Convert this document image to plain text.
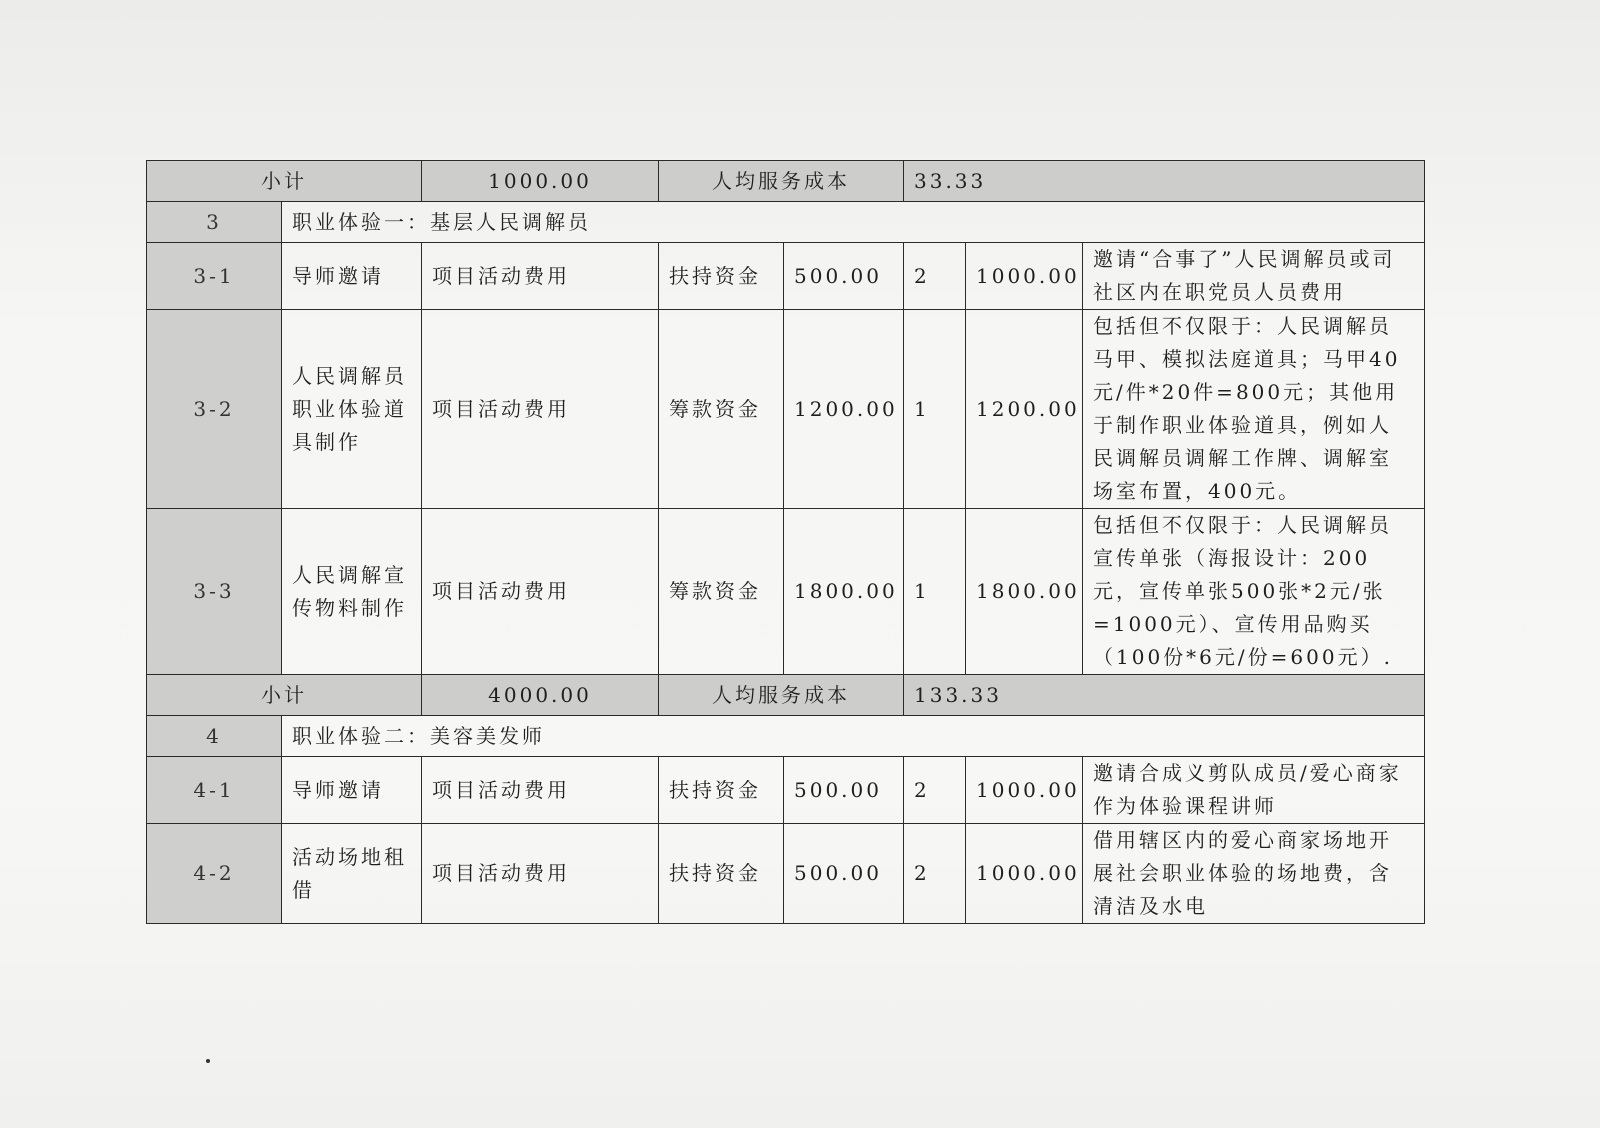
小计		1000.00	人均服务成本		33.33		
3	职业体验一：基层人民调解员						
3-1	导师邀请	项目活动费用	扶持资金	500.00	2	1000.00	邀请“合事了”人民调解员或司社区内在职党员人员费用
3-2	人民调解员职业体验道具制作	项目活动费用	筹款资金	1200.00	1	1200.00	包括但不仅限于：人民调解员马甲、模拟法庭道具；马甲40元/件*20件=800元；其他用于制作职业体验道具，例如人民调解员调解工作牌、调解室场室布置，400元。
3-3	人民调解宣传物料制作	项目活动费用	筹款资金	1800.00	1	1800.00	包括但不仅限于：人民调解员宣传单张（海报设计：200元，宣传单张500张*2元/张=1000元）、宣传用品购买（100份*6元/份=600元）.
小计		4000.00	人均服务成本		133.33		
4	职业体验二：美容美发师						
4-1	导师邀请	项目活动费用	扶持资金	500.00	2	1000.00	邀请合成义剪队成员/爱心商家作为体验课程讲师
4-2	活动场地租借	项目活动费用	扶持资金	500.00	2	1000.00	借用辖区内的爱心商家场地开展社会职业体验的场地费，含清洁及水电
